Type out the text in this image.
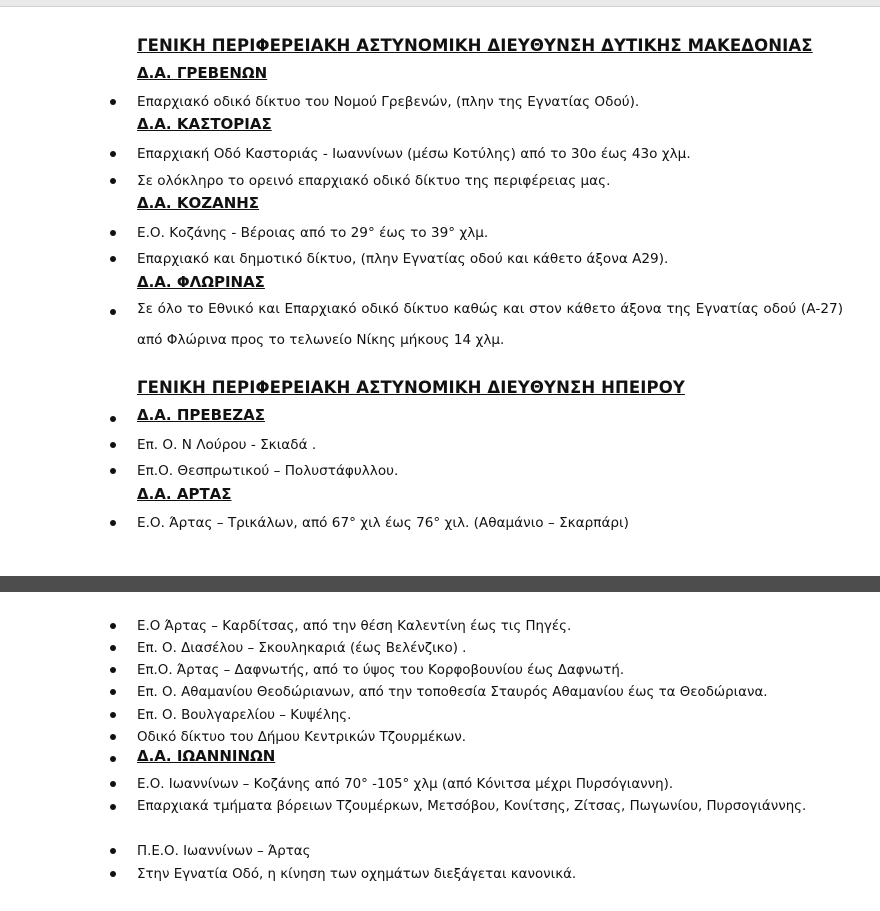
ΓΕΝΙΚΗ ΠΕΡΙΦΕΡΕΙΑΚΗ ΑΣΤΥΝΟΜΙΚΗ ΔΙΕΥΘΥΝΣΗ ΔΥΤΙΚΗΣ ΜΑΚΕΔΟΝΙΑΣ
Δ.Α. ΓΡΕΒΕΝΩΝ
Επαρχιακό οδικό δίκτυο του Νομού Γρεβενών, (πλην της Εγνατίας Οδού).
Δ.Α. ΚΑΣΤΟΡΙΑΣ
Επαρχιακή Οδό Καστοριάς - Ιωαννίνων (μέσω Κοτύλης) από το 30ο έως 43ο χλμ.
Σε ολόκληρο το ορεινό επαρχιακό οδικό δίκτυο της περιφέρειας μας.
Δ.Α. ΚΟΖΑΝΗΣ
Ε.Ο. Κοζάνης - Βέροιας από το 29° έως το 39° χλμ.
Επαρχιακό και δημοτικό δίκτυο, (πλην Εγνατίας οδού και κάθετο άξονα Α29).
Δ.Α. ΦΛΩΡΙΝΑΣ
Σε όλο το Εθνικό και Επαρχιακό οδικό δίκτυο καθώς και στον κάθετο άξονα της Εγνατίας οδού (Α-27) από Φλώρινα προς το τελωνείο Νίκης μήκους 14 χλμ.
ΓΕΝΙΚΗ ΠΕΡΙΦΕΡΕΙΑΚΗ ΑΣΤΥΝΟΜΙΚΗ ΔΙΕΥΘΥΝΣΗ ΗΠΕΙΡΟΥ
Δ.Α. ΠΡΕΒΕΖΑΣ
Επ. Ο. Ν Λούρου - Σκιαδά .
Επ.Ο. Θεσπρωτικού – Πολυστάφυλλου.
Δ.Α. ΑΡΤΑΣ
Ε.Ο. Άρτας – Τρικάλων, από 67° χιλ έως 76° χιλ. (Αθαμάνιο – Σκαρπάρι)
Ε.Ο Άρτας – Καρδίτσας, από την θέση Καλεντίνη έως τις Πηγές.
Επ. Ο. Διασέλου – Σκουληκαριά (έως Βελένζικο) .
Επ.Ο. Άρτας – Δαφνωτής, από το ύψος του Κορφοβουνίου έως Δαφνωτή.
Επ. Ο. Αθαμανίου Θεοδώριανων, από την τοποθεσία Σταυρός Αθαμανίου έως τα Θεοδώριανα.
Επ. Ο. Βουλγαρελίου – Κυψέλης.
Οδικό δίκτυο του Δήμου Κεντρικών Τζουρμέκων.
Δ.Α. ΙΩΑΝΝΙΝΩΝ
Ε.Ο. Ιωαννίνων – Κοζάνης από 70° -105° χλμ (από Κόνιτσα μέχρι Πυρσόγιαννη).
Επαρχιακά τμήματα βόρειων Τζουμέρκων, Μετσόβου, Κονίτσης, Ζίτσας, Πωγωνίου, Πυρσογιάννης.
Π.Ε.Ο. Ιωαννίνων – Άρτας
Στην Εγνατία Οδό, η κίνηση των οχημάτων διεξάγεται κανονικά.
